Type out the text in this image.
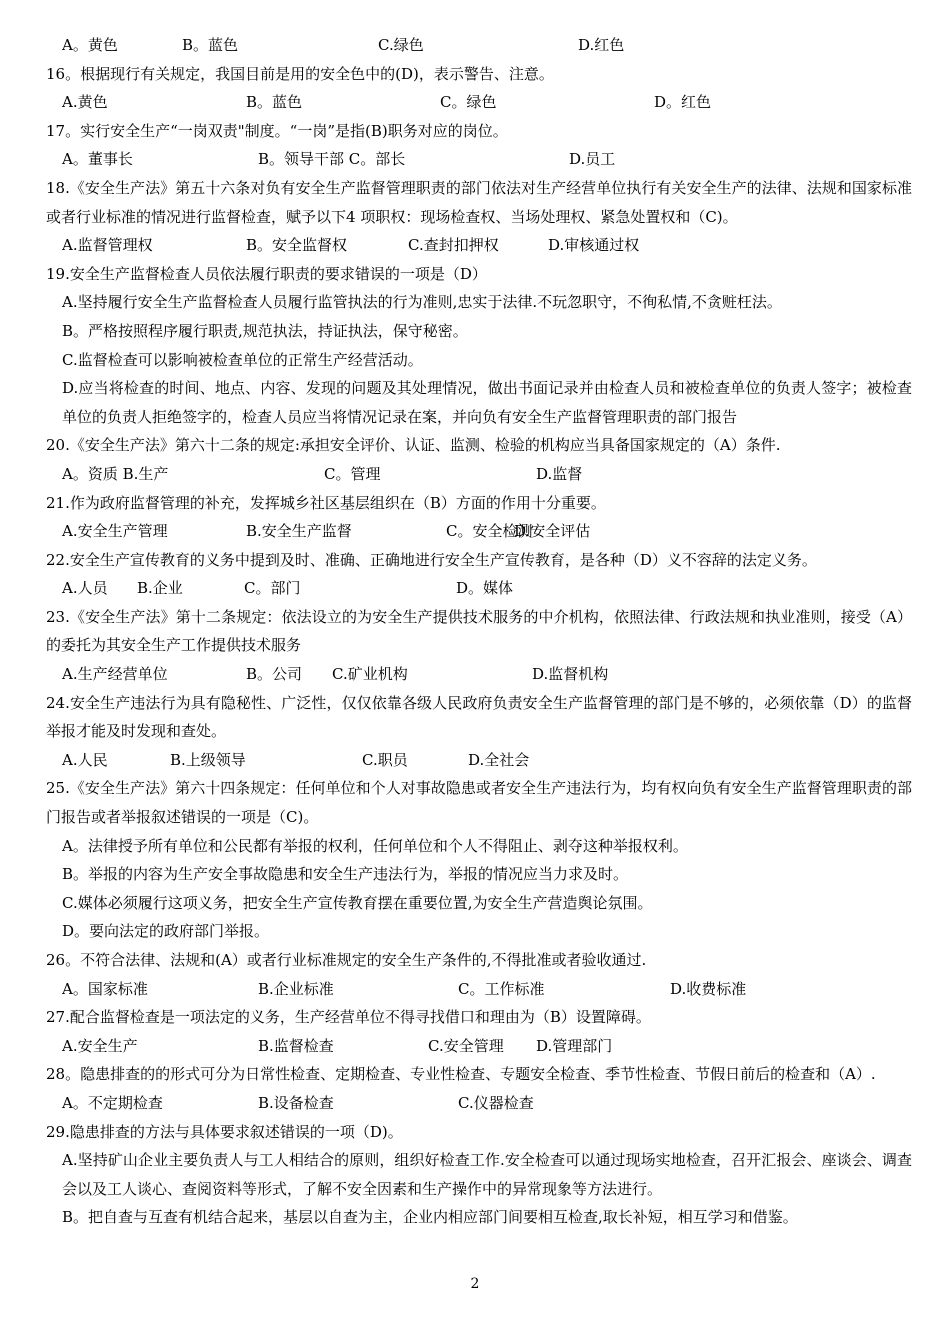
A。黄色	B。蓝色	C.绿色	D.红色

16。根据现行有关规定，我国目前是用的安全色中的(D)，表示警告、注意。

A.黄色	B。蓝色	C。绿色	D。红色

17。实行安全生产“一岗双责"制度。“一岗”是指(B)职务对应的岗位。

A。董事长	B。领导干部 C。部长	D.员工

18.《安全生产法》第五十六条对负有安全生产监督管理职责的部门依法对生产经营单位执行有关安全生产的法律、法规和国家标准或者行业标准的情况进行监督检查，赋予以下4 项职权：现场检查权、当场处理权、紧急处置权和（C)。

A.监督管理权	B。安全监督权	C.查封扣押权	D.审核通过权

19.安全生产监督检查人员依法履行职责的要求错误的一项是（D）

A.坚持履行安全生产监督检查人员履行监管执法的行为准则,忠实于法律.不玩忽职守，不徇私情,不贪赃枉法。

B。严格按照程序履行职责,规范执法，持证执法，保守秘密。

C.监督检查可以影响被检查单位的正常生产经营活动。

D.应当将检查的时间、地点、内容、发现的问题及其处理情况，做出书面记录并由检查人员和被检查单位的负责人签字；被检查单位的负责人拒绝签字的，检查人员应当将情况记录在案，并向负有安全生产监督管理职责的部门报告

20.《安全生产法》第六十二条的规定:承担安全评价、认证、监测、检验的机构应当具备国家规定的（A）条件.

A。资质 B.生产	C。管理	D.监督

21.作为政府监督管理的补充，发挥城乡社区基层组织在（B）方面的作用十分重要。

A.安全生产管理	B.安全生产监督	C。安全检测
D.安全评估

22.安全生产宣传教育的义务中提到及时、准确、正确地进行安全生产宣传教育，是各种（D）义不容辞的法定义务。

A.人员 B.企业	C。部门	D。媒体

23.《安全生产法》第十二条规定：依法设立的为安全生产提供技术服务的中介机构，依照法律、行政法规和执业准则，接受（A）的委托为其安全生产工作提供技术服务

A.生产经营单位	B。公司 C.矿业机构	D.监督机构

24.安全生产违法行为具有隐秘性、广泛性，仅仅依靠各级人民政府负责安全生产监督管理的部门是不够的，必须依靠（D）的监督举报才能及时发现和查处。

A.人民	B.上级领导	C.职员	D.全社会

25.《安全生产法》第六十四条规定：任何单位和个人对事故隐患或者安全生产违法行为，均有权向负有安全生产监督管理职责的部门报告或者举报叙述错误的一项是（C)。

A。法律授予所有单位和公民都有举报的权利，任何单位和个人不得阻止、剥夺这种举报权利。

B。举报的内容为生产安全事故隐患和安全生产违法行为，举报的情况应当力求及时。

C.媒体必须履行这项义务，把安全生产宣传教育摆在重要位置,为安全生产营造舆论氛围。

D。要向法定的政府部门举报。

26。不符合法律、法规和(A）或者行业标准规定的安全生产条件的,不得批准或者验收通过.

A。国家标准	B.企业标准	C。工作标准	D.收费标准

27.配合监督检查是一项法定的义务，生产经营单位不得寻找借口和理由为（B）设置障碍。

A.安全生产	B.监督检查	C.安全管理 D.管理部门

28。隐患排查的的形式可分为日常性检查、定期检查、专业性检查、专题安全检查、季节性检查、节假日前后的检查和（A）.

A。不定期检查	B.设备检查	C.仪器检查

29.隐患排查的方法与具体要求叙述错误的一项（D)。

A.坚持矿山企业主要负责人与工人相结合的原则，组织好检查工作.安全检查可以通过现场实地检查，召开汇报会、座谈会、调查会以及工人谈心、查阅资料等形式，了解不安全因素和生产操作中的异常现象等方法进行。

B。把自查与互查有机结合起来，基层以自查为主，企业内相应部门间要相互检查,取长补短，相互学习和借鉴。

2
